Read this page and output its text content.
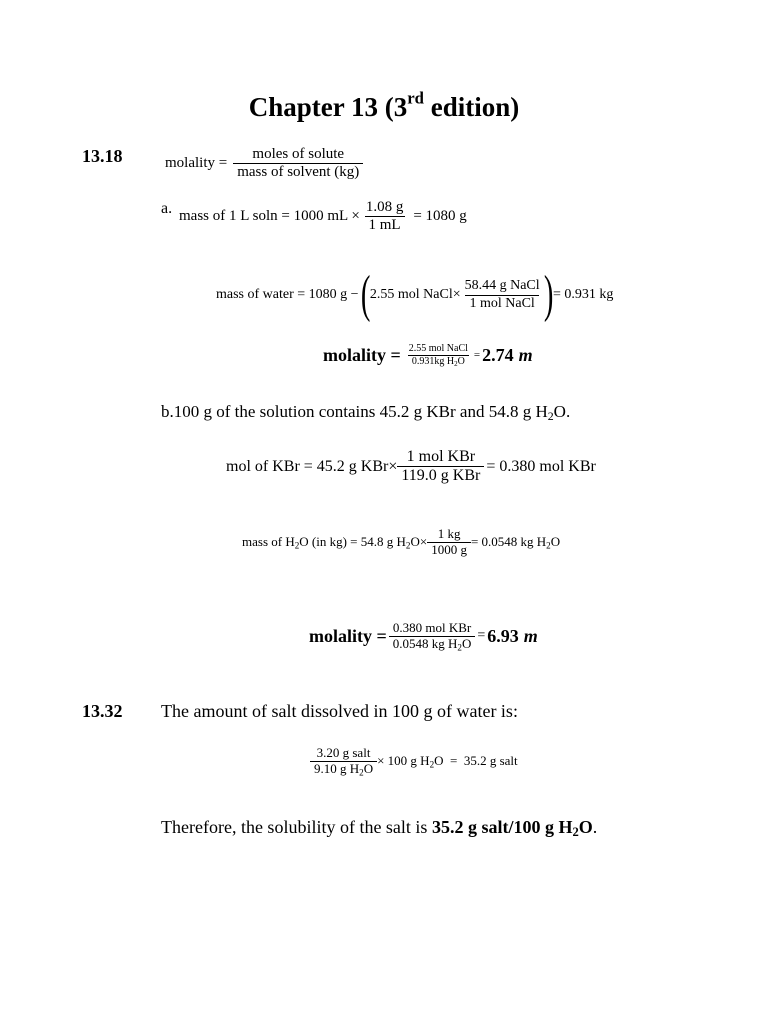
Chapter 13 (3rd edition)
13.18	molality = $\frac{\text{moles of solute}}{\text{mass of solvent (kg)}}$
a. mass of 1 L soln = 1000 mL × $\frac{1.08 g}{1 mL} = 1080$ g
mass of water = 1080 g − ( 2.55 mol NaCl× $\frac{\text{58.44 g NaCl}}{\text{1 mol NaCl}}$ ) = 0.931 kg
molality = $\frac{\text{2.55 mol NaCl}}{0.931kg H_2O} = 2.74$ m
b.100 g of the solution contains 45.2 g KBr and 54.8 g $H_2O$.
mol of KBr = 45.2 g $KBr\times \frac{\text{1 mol KBr}}{\text{119.0 g KBr}} = 0.380$ mol KBr
mass of $H_2O$ (in kg) = 54.8 g $H_2O\times \frac{1 kg}{1000 g} = 0.0548$ kg $H_2O$
molality = $\frac{\text{0.380 mol KBr}}{0.0548 kg H_2O} = 6.93$ m
13.32 The amount of salt dissolved in 100 g of water is:
$\frac{\text{3.20 g salt}}{9.10 g H_2O} \times 100$ g $H_2O = 35.2$ g salt
Therefore, the solubility of the salt is 35.2 g salt/100 g $H_2O$.
